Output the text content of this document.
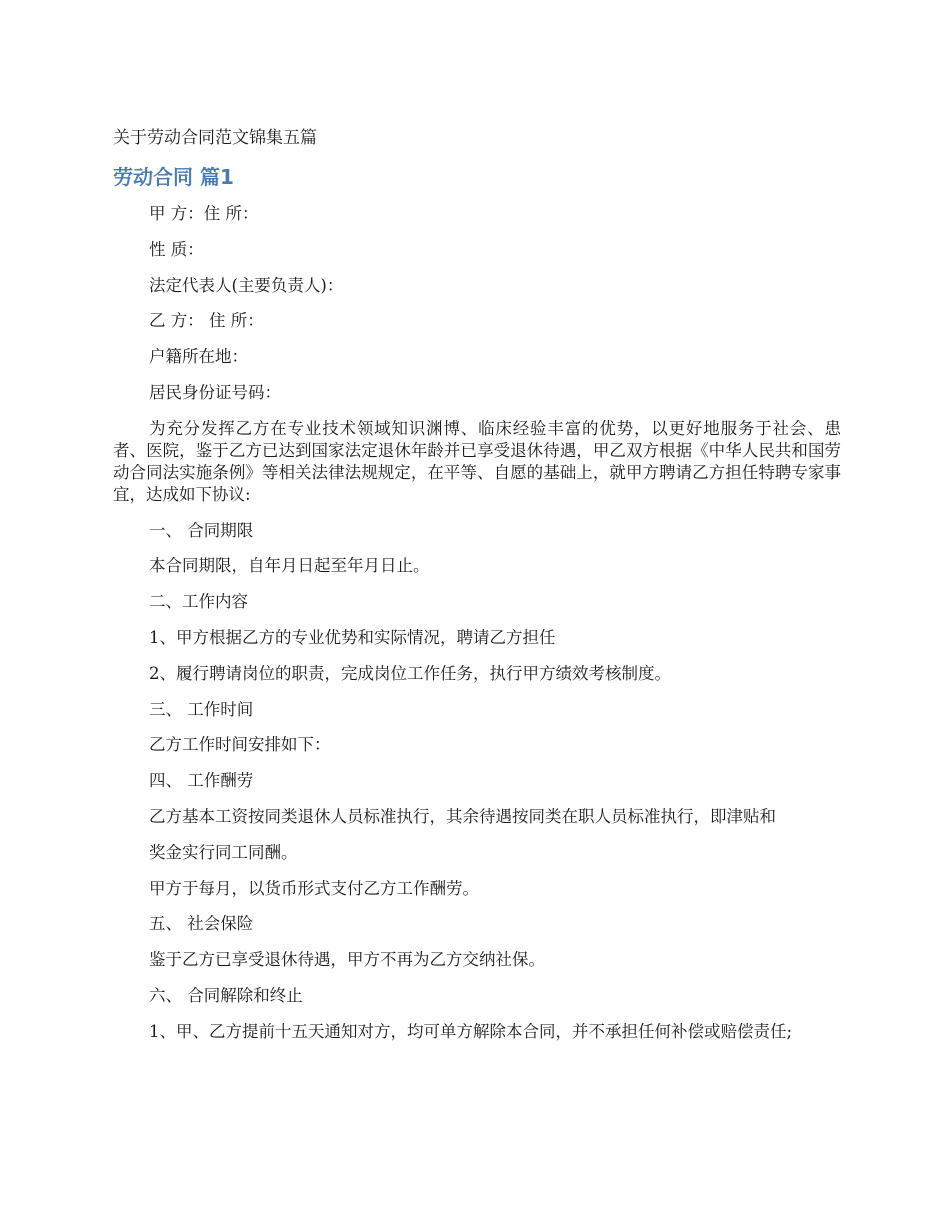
关于劳动合同范文锦集五篇

劳动合同 篇1

甲 方：住 所：

性 质：

法定代表人(主要负责人)：

乙 方： 住 所：

户籍所在地：

居民身份证号码：

为充分发挥乙方在专业技术领域知识渊博、临床经验丰富的优势，以更好地服务于社会、患者、医院，鉴于乙方已达到国家法定退休年龄并已享受退休待遇，甲乙双方根据《中华人民共和国劳动合同法实施条例》等相关法律法规规定，在平等、自愿的基础上，就甲方聘请乙方担任特聘专家事宜，达成如下协议:

一、 合同期限

本合同期限，自年月日起至年月日止。

二、工作内容

1、甲方根据乙方的专业优势和实际情况，聘请乙方担任

2、履行聘请岗位的职责，完成岗位工作任务，执行甲方绩效考核制度。

三、 工作时间

乙方工作时间安排如下：

四、 工作酬劳

乙方基本工资按同类退休人员标准执行，其余待遇按同类在职人员标准执行，即津贴和

奖金实行同工同酬。

甲方于每月，以货币形式支付乙方工作酬劳。

五、 社会保险

鉴于乙方已享受退休待遇，甲方不再为乙方交纳社保。

六、 合同解除和终止

1、甲、乙方提前十五天通知对方，均可单方解除本合同，并不承担任何补偿或赔偿责任;
